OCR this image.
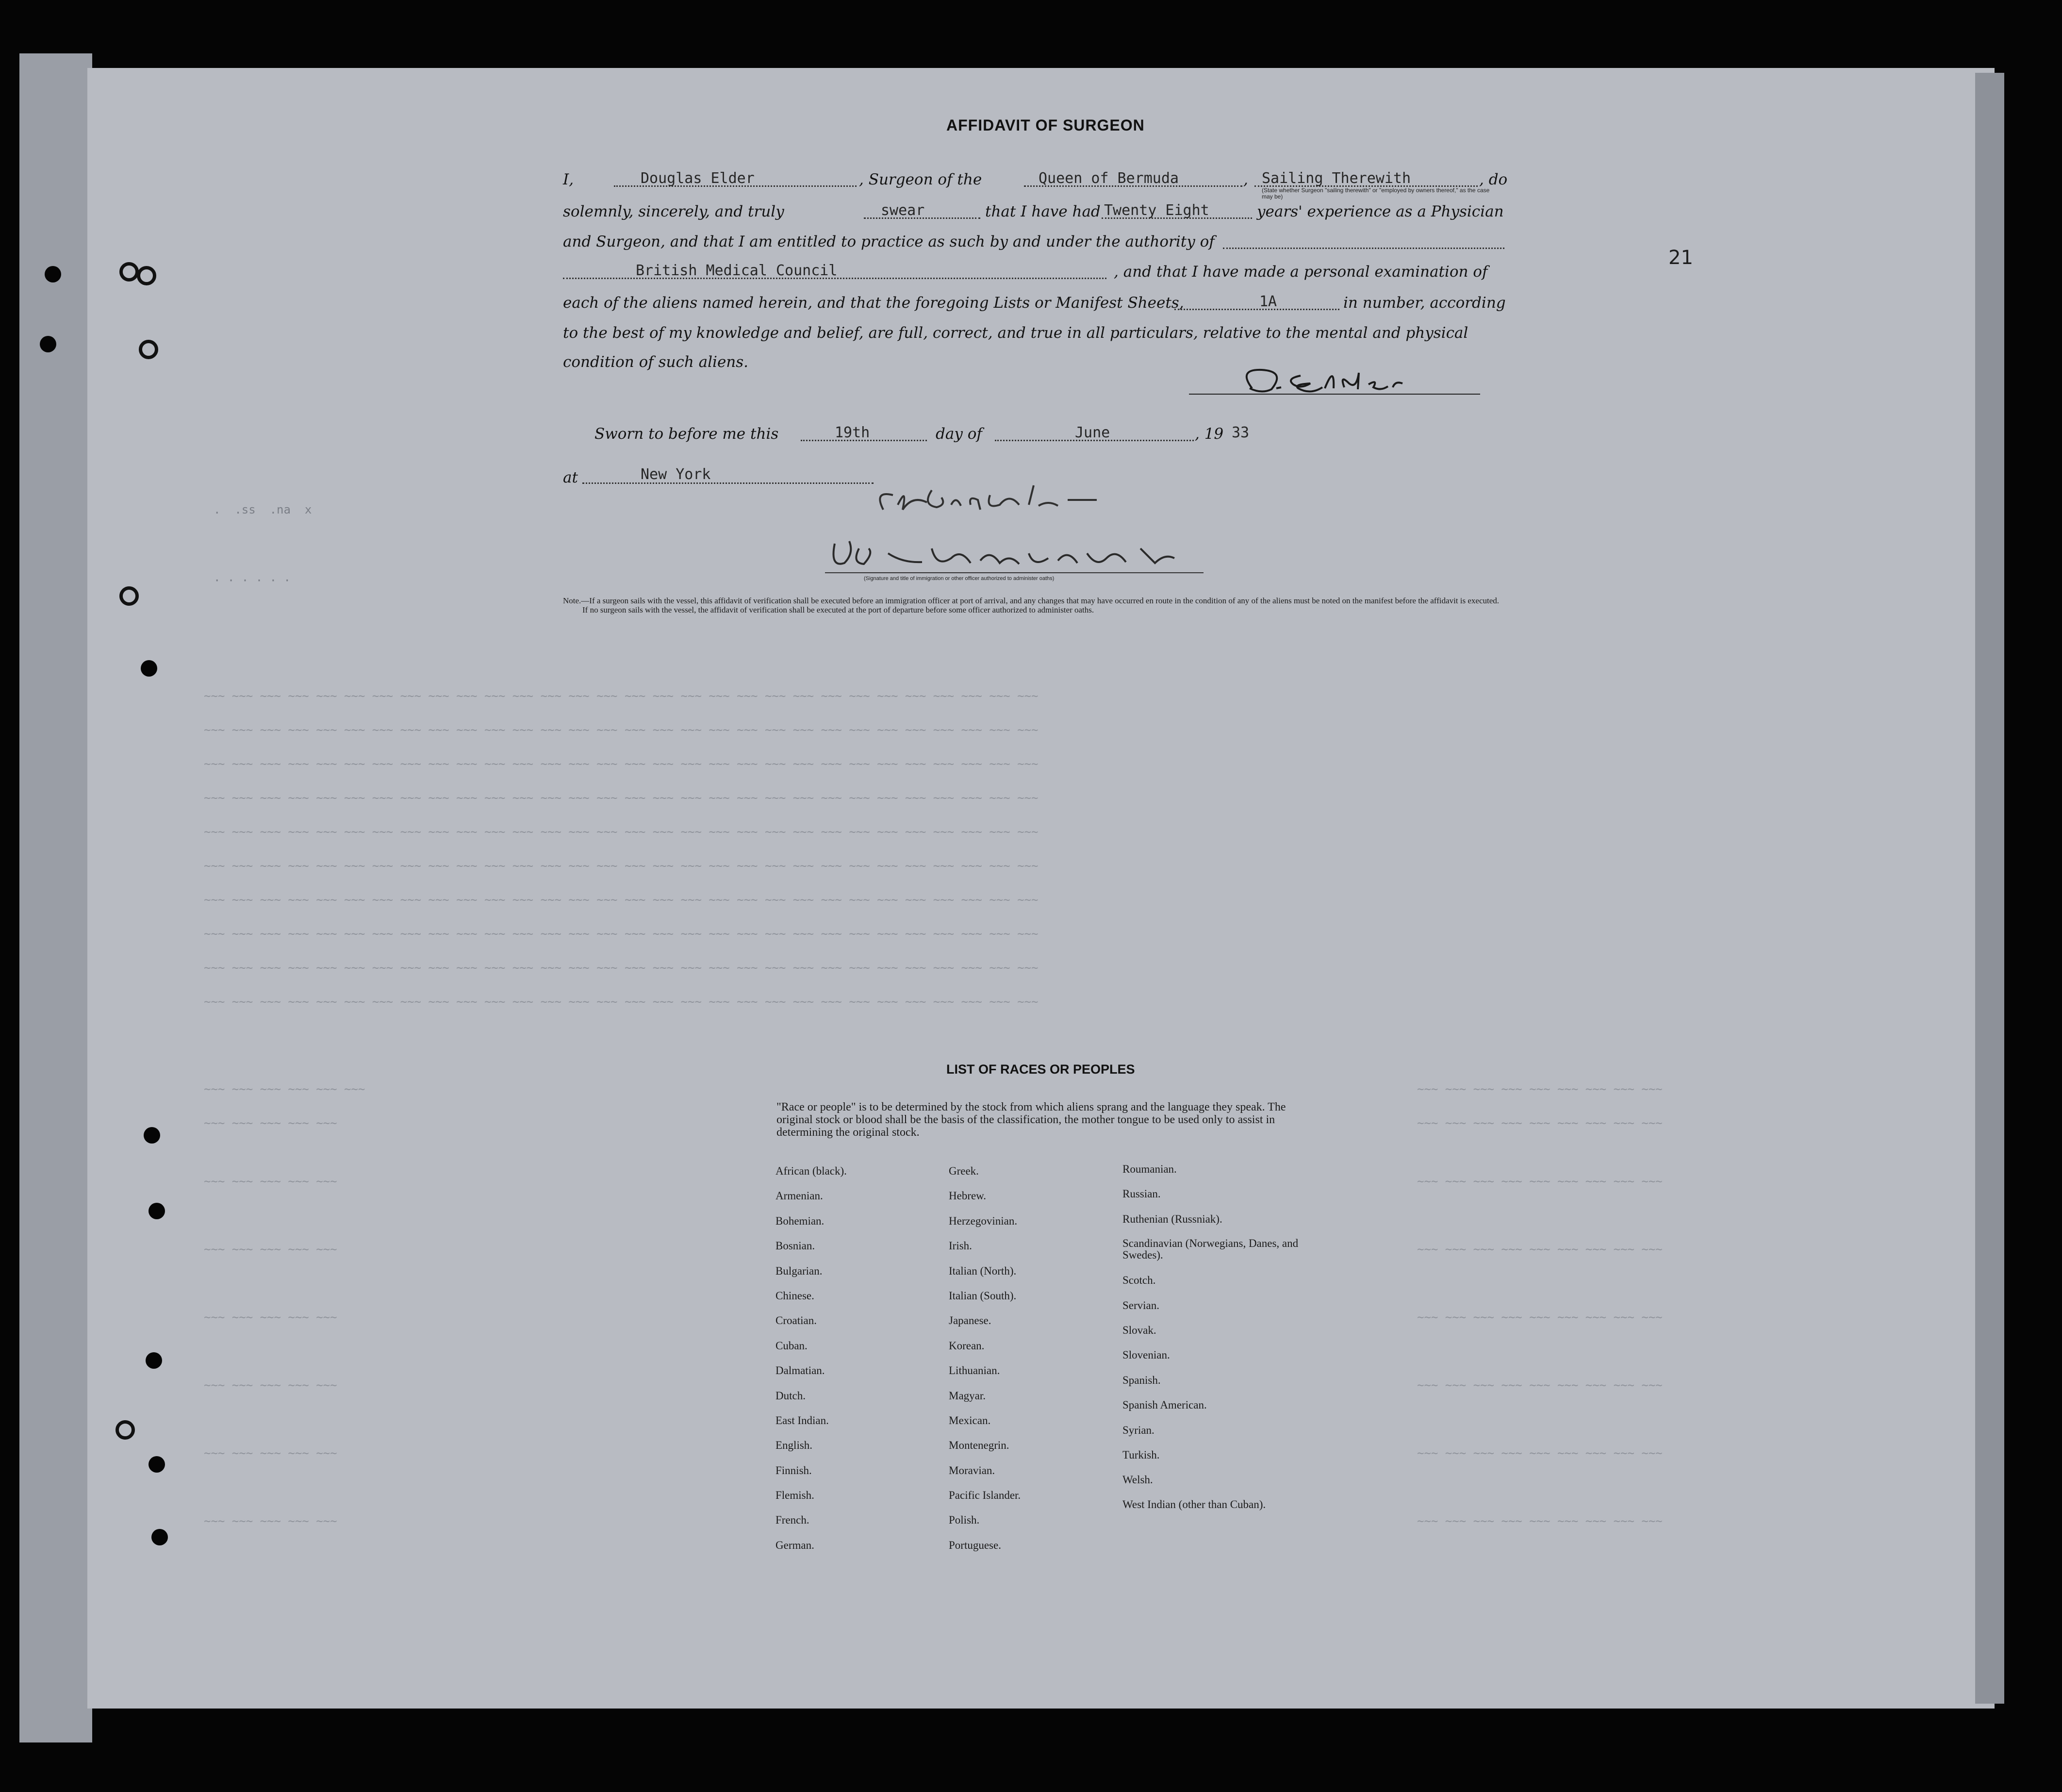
.  .ss  .na  x
· · · · · ·
~~~ ~~~ ~~~ ~~~ ~~~ ~~~ ~~~ ~~~ ~~~ ~~~ ~~~ ~~~ ~~~ ~~~ ~~~ ~~~ ~~~ ~~~ ~~~ ~~~ ~~~ ~~~ ~~~ ~~~ ~~~ ~~~ ~~~ ~~~ ~~~ ~~~
~~~ ~~~ ~~~ ~~~ ~~~ ~~~ ~~~ ~~~ ~~~ ~~~ ~~~ ~~~ ~~~ ~~~ ~~~ ~~~ ~~~ ~~~ ~~~ ~~~ ~~~ ~~~ ~~~ ~~~ ~~~ ~~~ ~~~ ~~~ ~~~ ~~~
~~~ ~~~ ~~~ ~~~ ~~~ ~~~ ~~~ ~~~ ~~~ ~~~ ~~~ ~~~ ~~~ ~~~ ~~~ ~~~ ~~~ ~~~ ~~~ ~~~ ~~~ ~~~ ~~~ ~~~ ~~~ ~~~ ~~~ ~~~ ~~~ ~~~
~~~ ~~~ ~~~ ~~~ ~~~ ~~~ ~~~ ~~~ ~~~ ~~~ ~~~ ~~~ ~~~ ~~~ ~~~ ~~~ ~~~ ~~~ ~~~ ~~~ ~~~ ~~~ ~~~ ~~~ ~~~ ~~~ ~~~ ~~~ ~~~ ~~~
~~~ ~~~ ~~~ ~~~ ~~~ ~~~ ~~~ ~~~ ~~~ ~~~ ~~~ ~~~ ~~~ ~~~ ~~~ ~~~ ~~~ ~~~ ~~~ ~~~ ~~~ ~~~ ~~~ ~~~ ~~~ ~~~ ~~~ ~~~ ~~~ ~~~
~~~ ~~~ ~~~ ~~~ ~~~ ~~~ ~~~ ~~~ ~~~ ~~~ ~~~ ~~~ ~~~ ~~~ ~~~ ~~~ ~~~ ~~~ ~~~ ~~~ ~~~ ~~~ ~~~ ~~~ ~~~ ~~~ ~~~ ~~~ ~~~ ~~~
~~~ ~~~ ~~~ ~~~ ~~~ ~~~ ~~~ ~~~ ~~~ ~~~ ~~~ ~~~ ~~~ ~~~ ~~~ ~~~ ~~~ ~~~ ~~~ ~~~ ~~~ ~~~ ~~~ ~~~ ~~~ ~~~ ~~~ ~~~ ~~~ ~~~
~~~ ~~~ ~~~ ~~~ ~~~ ~~~ ~~~ ~~~ ~~~ ~~~ ~~~ ~~~ ~~~ ~~~ ~~~ ~~~ ~~~ ~~~ ~~~ ~~~ ~~~ ~~~ ~~~ ~~~ ~~~ ~~~ ~~~ ~~~ ~~~ ~~~
~~~ ~~~ ~~~ ~~~ ~~~ ~~~ ~~~ ~~~ ~~~ ~~~ ~~~ ~~~ ~~~ ~~~ ~~~ ~~~ ~~~ ~~~ ~~~ ~~~ ~~~ ~~~ ~~~ ~~~ ~~~ ~~~ ~~~ ~~~ ~~~ ~~~
~~~ ~~~ ~~~ ~~~ ~~~ ~~~ ~~~ ~~~ ~~~ ~~~ ~~~ ~~~ ~~~ ~~~ ~~~ ~~~ ~~~ ~~~ ~~~ ~~~ ~~~ ~~~ ~~~ ~~~ ~~~ ~~~ ~~~ ~~~ ~~~ ~~~
~~~ ~~~ ~~~ ~~~ ~~~ ~~~	~~~ ~~~ ~~~ ~~~ ~~~ ~~~ ~~~ ~~~ ~~~
~~~ ~~~ ~~~ ~~~ ~~~	~~~ ~~~ ~~~ ~~~ ~~~ ~~~ ~~~ ~~~ ~~~
~~~ ~~~ ~~~ ~~~ ~~~	~~~ ~~~ ~~~ ~~~ ~~~ ~~~ ~~~ ~~~ ~~~
~~~ ~~~ ~~~ ~~~ ~~~	~~~ ~~~ ~~~ ~~~ ~~~ ~~~ ~~~ ~~~ ~~~
~~~ ~~~ ~~~ ~~~ ~~~	~~~ ~~~ ~~~ ~~~ ~~~ ~~~ ~~~ ~~~ ~~~
~~~ ~~~ ~~~ ~~~ ~~~	~~~ ~~~ ~~~ ~~~ ~~~ ~~~ ~~~ ~~~ ~~~
~~~ ~~~ ~~~ ~~~ ~~~	~~~ ~~~ ~~~ ~~~ ~~~ ~~~ ~~~ ~~~ ~~~
~~~ ~~~ ~~~ ~~~ ~~~	~~~ ~~~ ~~~ ~~~ ~~~ ~~~ ~~~ ~~~ ~~~
21
AFFIDAVIT OF SURGEON
I,	Douglas Elder	, Surgeon of the	Queen of Bermuda	, Sailing Therewith	, do
(State whether Surgeon "sailing therewith" or "employed by owners thereof," as the case may be)
solemnly, sincerely, and truly	swear	that I have had Twenty Eight	years' experience as a Physician
and Surgeon, and that I am entitled to practice as such by and under the authority of
British Medical Council	, and that I have made a personal examination of
each of the aliens named herein, and that the foregoing Lists or Manifest Sheets,	1A	in number, according
to the best of my knowledge and belief, are full, correct, and true in all particulars, relative to the mental and physical
condition of such aliens.
Sworn to before me this	19th	day of	June	, 19 33
at	New York
(Signature and title of immigration or other officer authorized to administer oaths)
Note.—If a surgeon sails with the vessel, this affidavit of verification shall be executed before an immigration officer at port of arrival, and any changes that may have occurred en route in the condition of any of the aliens must be noted on the manifest before the affidavit is executed.
If no surgeon sails with the vessel, the affidavit of verification shall be executed at the port of departure before some officer authorized to administer oaths.
LIST OF RACES OR PEOPLES
"Race or people" is to be determined by the stock from which aliens sprang and the language they speak. The original stock or blood shall be the basis of the classification, the mother tongue to be used only to assist in determining the original stock.
African (black).
Armenian.
Bohemian.
Bosnian.
Bulgarian.
Chinese.
Croatian.
Cuban.
Dalmatian.
Dutch.
East Indian.
English.
Finnish.
Flemish.
French.
German.
Greek.
Hebrew.
Herzegovinian.
Irish.
Italian (North).
Italian (South).
Japanese.
Korean.
Lithuanian.
Magyar.
Mexican.
Montenegrin.
Moravian.
Pacific Islander.
Polish.
Portuguese.
Roumanian.
Russian.
Ruthenian (Russniak).
Scandinavian (Norwegians, Danes, and Swedes).
Scotch.
Servian.
Slovak.
Slovenian.
Spanish.
Spanish American.
Syrian.
Turkish.
Welsh.
West Indian (other than Cuban).
